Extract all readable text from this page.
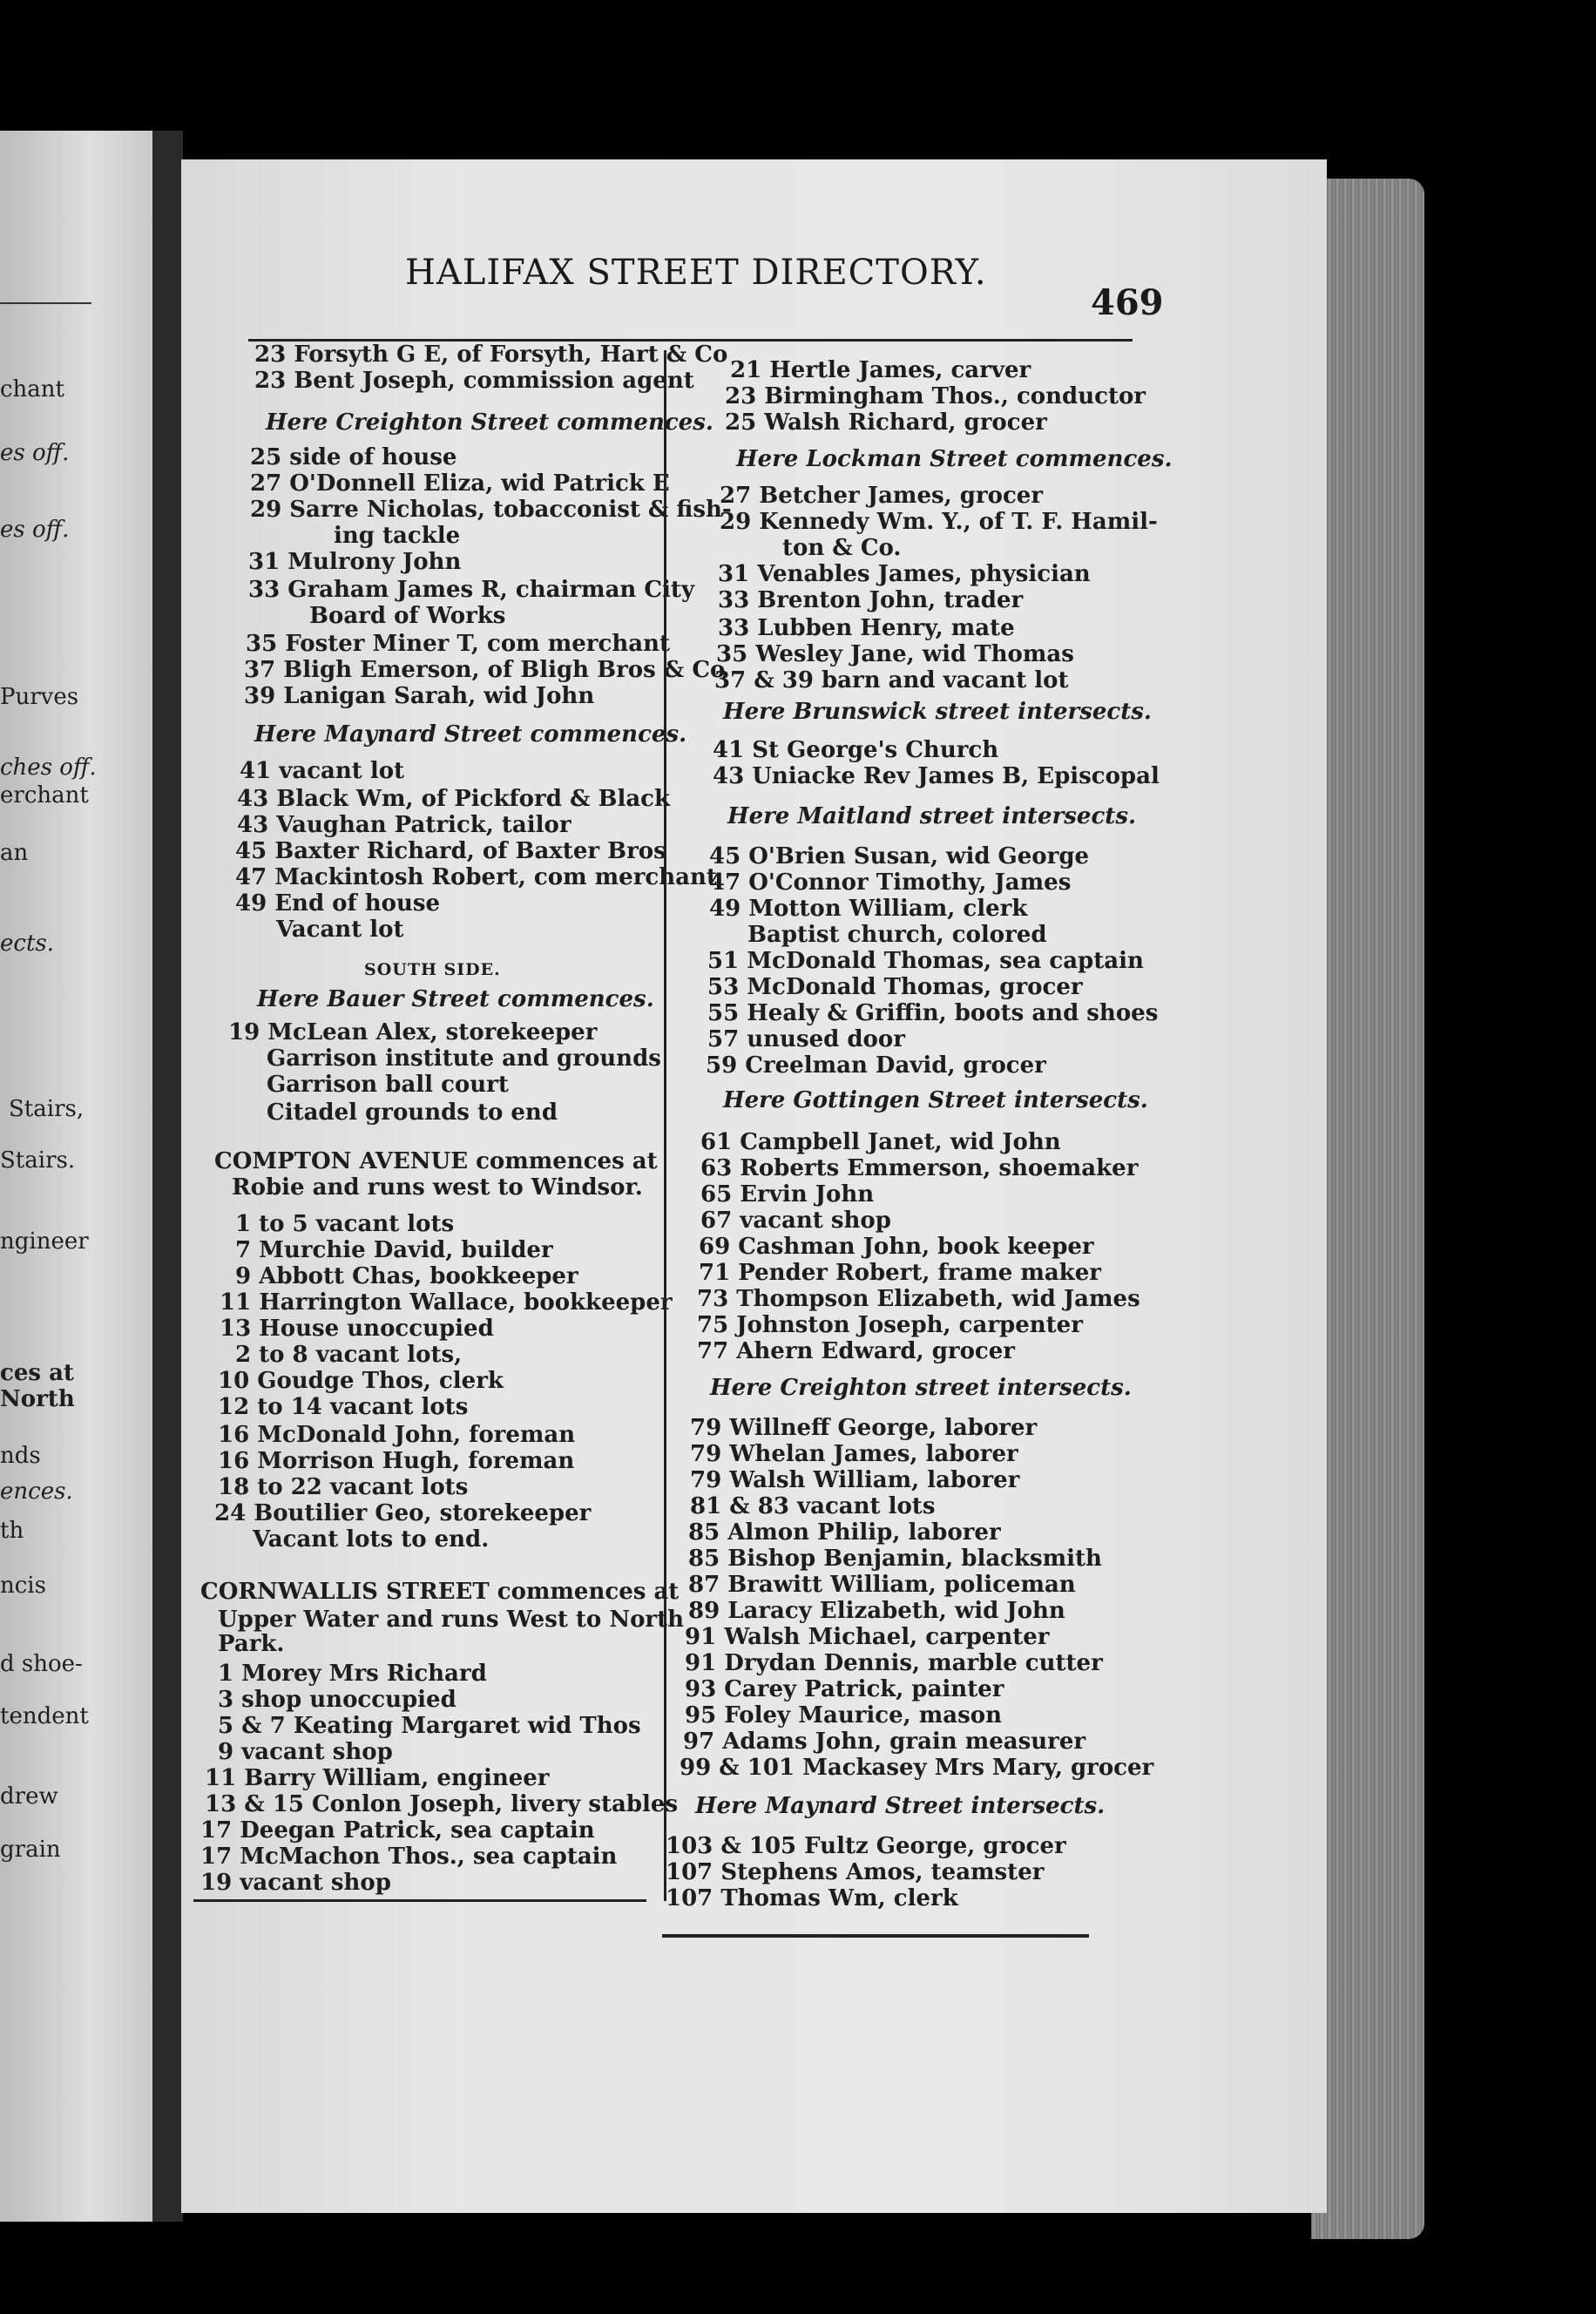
chant
es off.
es off.
Purves
ches off.
erchant
an
ects.
Stairs,
Stairs.
ngineer
ces at
North
nds
ences.
th
ncis
d shoe-
tendent
drew
grain
HALIFAX STREET DIRECTORY.
469
23 Forsyth G E, of Forsyth, Hart & Co
23 Bent Joseph, commission agent
Here Creighton Street commences.
25 side of house
27 O'Donnell Eliza, wid Patrick E
29 Sarre Nicholas, tobacconist & fish-
ing tackle
31 Mulrony John
33 Graham James R, chairman City
Board of Works
35 Foster Miner T, com merchant
37 Bligh Emerson, of Bligh Bros & Co
39 Lanigan Sarah, wid John
Here Maynard Street commences.
41 vacant lot
43 Black Wm, of Pickford & Black
43 Vaughan Patrick, tailor
45 Baxter Richard, of Baxter Bros
47 Mackintosh Robert, com merchant
49 End of house
Vacant lot
SOUTH SIDE.
Here Bauer Street commences.
19 McLean Alex, storekeeper
Garrison institute and grounds
Garrison ball court
Citadel grounds to end
COMPTON AVENUE commences at
Robie and runs west to Windsor.
1 to 5 vacant lots
7 Murchie David, builder
9 Abbott Chas, bookkeeper
11 Harrington Wallace, bookkeeper
13 House unoccupied
2 to 8 vacant lots,
10 Goudge Thos, clerk
12 to 14 vacant lots
16 McDonald John, foreman
16 Morrison Hugh, foreman
18 to 22 vacant lots
24 Boutilier Geo, storekeeper
Vacant lots to end.
CORNWALLIS STREET commences at
Upper Water and runs West to North
Park.
1 Morey Mrs Richard
3 shop unoccupied
5 & 7 Keating Margaret wid Thos
9 vacant shop
11 Barry William, engineer
13 & 15 Conlon Joseph, livery stables
17 Deegan Patrick, sea captain
17 McMachon Thos., sea captain
19 vacant shop
21 Hertle James, carver
23 Birmingham Thos., conductor
25 Walsh Richard, grocer
Here Lockman Street commences.
27 Betcher James, grocer
29 Kennedy Wm. Y., of T. F. Hamil-
ton & Co.
31 Venables James, physician
33 Brenton John, trader
33 Lubben Henry, mate
35 Wesley Jane, wid Thomas
37 & 39 barn and vacant lot
Here Brunswick street intersects.
41 St George's Church
43 Uniacke Rev James B, Episcopal
Here Maitland street intersects.
45 O'Brien Susan, wid George
47 O'Connor Timothy, James
49 Motton William, clerk
Baptist church, colored
51 McDonald Thomas, sea captain
53 McDonald Thomas, grocer
55 Healy & Griffin, boots and shoes
57 unused door
59 Creelman David, grocer
Here Gottingen Street intersects.
61 Campbell Janet, wid John
63 Roberts Emmerson, shoemaker
65 Ervin John
67 vacant shop
69 Cashman John, book keeper
71 Pender Robert, frame maker
73 Thompson Elizabeth, wid James
75 Johnston Joseph, carpenter
77 Ahern Edward, grocer
Here Creighton street intersects.
79 Willneff George, laborer
79 Whelan James, laborer
79 Walsh William, laborer
81 & 83 vacant lots
85 Almon Philip, laborer
85 Bishop Benjamin, blacksmith
87 Brawitt William, policeman
89 Laracy Elizabeth, wid John
91 Walsh Michael, carpenter
91 Drydan Dennis, marble cutter
93 Carey Patrick, painter
95 Foley Maurice, mason
97 Adams John, grain measurer
99 & 101 Mackasey Mrs Mary, grocer
Here Maynard Street intersects.
103 & 105 Fultz George, grocer
107 Stephens Amos, teamster
107 Thomas Wm, clerk
